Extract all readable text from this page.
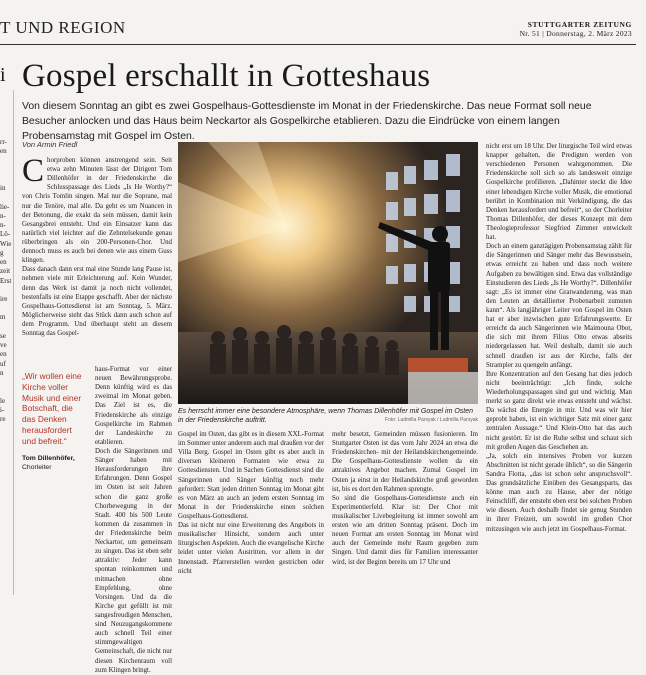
T UND REGION	STUTTGARTER ZEITUNG
Nr. 51 | Donnerstag, 2. März 2023
i
rr-
en

in

lie-
n-
n-
Lö-
Wie
g
en
zeit
Erst

ire

m

se
ve
en
uf
n

le
i-
re
Gospel erschallt in Gotteshaus
Von diesem Sonntag an gibt es zwei Gospelhaus-Gottesdienste im Monat in der Friedenskirche. Das neue Format soll neue Besucher anlocken und das Haus beim Neckartor als Gospelkirche etablieren. Dazu die Eindrücke von einem langen Probensamstag mit Gospel im Osten.
Von Armin Friedl
Chorproben können anstrengend sein. Seit etwa zehn Minuten lässt der Dirigent Tom Dillenhöfer in der Friedenskirche die Schlusspassage des Lieds „Is He Worthy?“ von Chris Tomlin singen. Mal nur die Soprane, mal nur die Tenöre, mal alle. Da geht es um Nuancen in der Betonung, die exakt da sein müssen, damit kein Gesangsbrei entsteht. Und ein Einsatzer kann das natürlich viel leichter auf die Zehntelsekunde genau rüberbringen als ein 200-Personen-Chor. Und dennoch muss es auch bei denen wie aus einem Guss klingen.
Dass danach dann erst mal eine Stunde lang Pause ist, nehmen viele mit Erleichterung auf. Kein Wunder, denn das Werk ist damit ja noch nicht vollendet, bestenfalls ist eine Etappe geschafft. Aber der nächste Gospelhaus-Gottesdienst ist am Sonntag, 5. März. Möglicherweise steht das Stück dann auch schon auf dem Programm. Und überhaupt steht an diesem Sonntag das Gospel-
haus-Format vor einer neuen Bewährungsprobe. Denn künftig wird es das zweimal im Monat geben. Das Ziel ist es, die Friedenskirche als einzige Gospelkirche im Rahmen der Landeskirche zu etablieren.
Doch die Sängerinnen und Sänger haben mit Herausforderungen ihre Erfahrungen. Denn Gospel im Osten ist seit Jahren schon die ganz große Chorbewegung in der Stadt. 400 bis 500 Leute kommen da zusammen in der Friedenskirche beim Neckartor, um gemeinsam zu singen. Das ist eben sehr attraktiv: Jeder kann spontan reinkommen und mitmachen ohne Empfehlung, ohne Vorsingen. Und da die Kirche gut gefüllt ist mit sangesfreudigen Menschen, sind Neuzugangskommene auch schnell Teil einer stimmgewaltigen Gemeinschaft, die nicht nur diesen Kirchenraum voll zum Klingen bringt.
„Wir wollen eine Kirche voller Musik und einer Botschaft, die das Denken herausfordert und befreit.“
Tom Dillenhöfer,
Chorleiter
Es herrscht immer eine besondere Atmosphäre, wenn Thomas Dillenhöfer mit Gospel im Osten in der Friedenskirche auftritt.	Foto: Ludmilla Parsyak / Ludmilla Parsyak
Gospel im Osten, das gibt es in diesem XXL-Format im Sommer unter anderem auch mal draußen vor der Villa Berg. Gospel im Osten gibt es aber auch in diversen kleineren Formaten wie etwa zu Gottesdiensten. Und in Sachen Gottesdienst sind die Sängerinnen und Sänger künftig noch mehr gefordert: Statt jeden dritten Sonntag im Monat gibt es von März an auch an jedem ersten Sonntag im Monat in der Friedenskirche einen solchen Gospelhaus-Gottesdienst.
Das ist nicht nur eine Erweiterung des Angebots in musikalischer Hinsicht, sondern auch unter liturgischen Aspekten. Auch die evangelische Kirche leidet unter vielen Austritten, vor allem in der Innenstadt. Pfarrerstellen werden gestrichen oder nicht
mehr besetzt, Gemeinden müssen fusionieren. Im Stuttgarter Osten ist das vom Jahr 2024 an etwa die Friedenskirchen- mit der Heilandskirchengemeinde. Die Gospelhaus-Gottesdienste wollen da ein attraktives Angebot machen. Zumal Gospel im Osten ja einst in der Heilandskirche groß geworden ist, bis es dort den Rahmen sprengte.
So sind die Gospelhaus-Gottesdienste auch ein Experimentierfeld. Klar ist: Der Chor mit musikalischer Livebegleitung ist immer sowohl am ersten wie am dritten Sonntag präsent. Doch im neuen Format am ersten Sonntag im Monat wird auch der Gemeinde mehr Raum gegeben zum Singen. Und damit dies für Familien interessanter wird, ist der Beginn bereits um 17 Uhr und
nicht erst um 18 Uhr. Der liturgische Teil wird etwas knapper gehalten, die Predigten werden von verschiedenen Personen wahrgenommen. Die Friedenskirche soll sich so als landesweit einzige Gospelkirche profilieren. „Dahinter steckt die Idee einer lebendigen Kirche voller Musik, die emotional berührt in Kombination mit Verkündigung, die das Denken herausfordert und befreit“, so der Chorleiter Thomas Dillenhöfer, der dieses Konzept mit dem Theologieprofessor Siegfried Zimmer entwickelt hat.
Doch an einem ganztägigen Probensamstag zählt für die Sängerinnen und Sänger mehr das Bewusstsein, etwas erreicht zu haben und dass noch weitere Aufgaben zu bewältigen sind. Etwa das vollständige Einstudieren des Lieds „Is He Worthy?“. Dillenhöfer sagt: „Es ist immer eine Gratwanderung, was man den Leuten an detaillierter Probenarbeit zumuten kann“. Als langjähriger Leiter von Gospel im Osten hat er aber inzwischen gute Erfahrungswerte. Er erreicht da auch Sängerinnen wie Maimouna Obot, die sich mit ihrem Filius Otto etwas abseits niedergelassen hat. Weil deshalb, damit sie auch schnell draußen ist aus der Kirche, falls der Strampler zu quengeln anfängt.
Ihre Konzentration auf den Gesang hat dies jedoch nicht beeinträchtigt: „Ich finde, solche Wiederholungspassagen sind gut und wichtig. Man merkt so ganz direkt wie etwas entsteht und wächst. Da wächst die Energie in mir. Und was wir hier geprobt haben, ist ein wichtiger Satz mit einer ganz zentralen Aussage.“ Und Klein-Otto hat das auch nicht gestört. Er ist die Ruhe selbst und schaut sich mit großen Augen das Geschehen an.
„Ja, solch ein intensives Proben vor kurzen Abschnitten ist nicht gerade üblich“, so die Sängerin Sandra Flotta, „das ist schon sehr anspruchsvoll“. Das grundsätzliche Einüben des Gesangsparts, das könne man auch zu Hause, aber der nötige Feinschliff, der entsteht eben erst bei solchen Proben wie diesen. Auch deshalb findet sie genug Stunden in ihrer Freizeit, um sowohl im großen Chor mitzusingen wie auch jetzt im Gospelhaus-Format.
